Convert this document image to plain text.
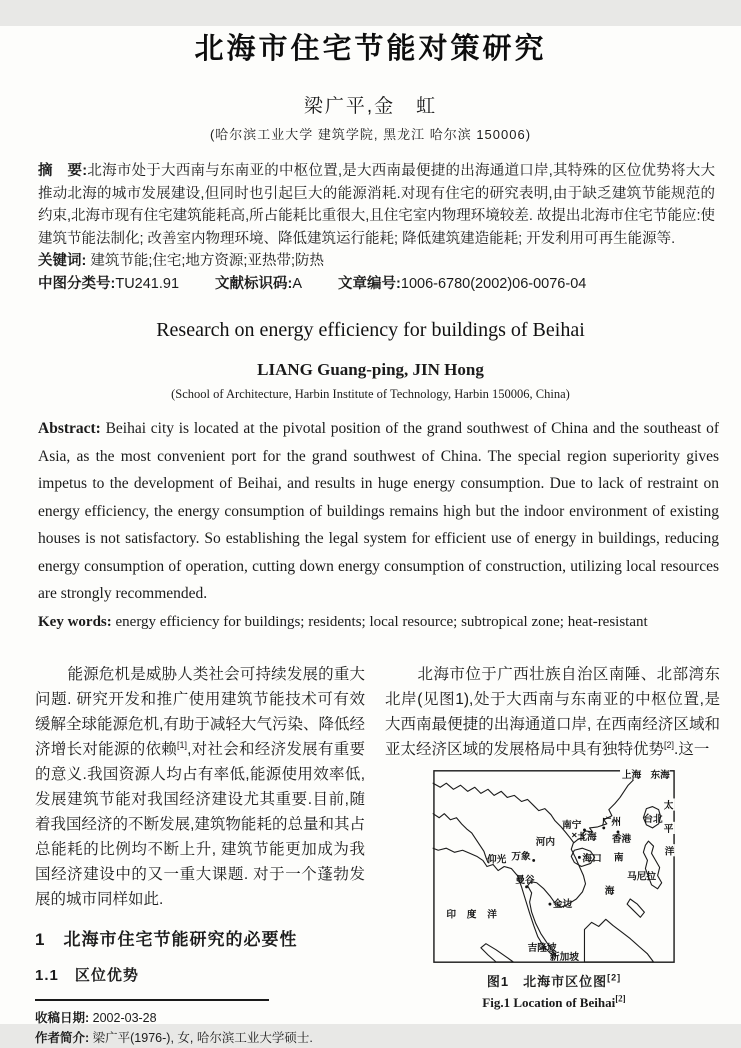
北海市住宅节能对策研究
梁广平,金　虹
(哈尔滨工业大学 建筑学院, 黑龙江 哈尔滨 150006)

摘　要:北海市处于大西南与东南亚的中枢位置,是大西南最便捷的出海通道口岸,其特殊的区位优势将大大推动北海的城市发展建设,但同时也引起巨大的能源消耗.对现有住宅的研究表明,由于缺乏建筑节能规范的约束,北海市现有住宅建筑能耗高,所占能耗比重很大,且住宅室内物理环境较差. 故提出北海市住宅节能应:使建筑节能法制化; 改善室内物理环境、降低建筑运行能耗; 降低建筑建造能耗; 开发利用可再生能源等.

关键词: 建筑节能;住宅;地方资源;亚热带;防热

中图分类号:TU241.91 文献标识码:A 文章编号:1006-6780(2002)06-0076-04

Research on energy efficiency for buildings of Beihai
LIANG Guang-ping, JIN Hong
(School of Architecture, Harbin Institute of Technology, Harbin 150006, China)

Abstract: Beihai city is located at the pivotal position of the grand southwest of China and the southeast of Asia, as the most convenient port for the grand southwest of China. The special region superiority gives impetus to the development of Beihai, and results in huge energy consumption. Due to lack of restraint on energy efficiency, the energy consumption of buildings remains high but the indoor environment of existing houses is not satisfactory. So establishing the legal system for efficient use of energy in buildings, reducing energy consumption of operation, cutting down energy consumption of construction, utilizing local resources are strongly recommended.

Key words: energy efficiency for buildings; residents; local resource; subtropical zone; heat-resistant

能源危机是威胁人类社会可持续发展的重大问题. 研究开发和推广使用建筑节能技术可有效缓解全球能源危机,有助于减轻大气污染、降低经济增长对能源的依赖[1],对社会和经济发展有重要的意义.我国资源人均占有率低,能源使用效率低, 发展建筑节能对我国经济建设尤其重要.目前,随着我国经济的不断发展,建筑物能耗的总量和其占总能耗的比例均不断上升, 建筑节能更加成为我国经济建设中的又一重大课题. 对于一个蓬勃发展的城市同样如此.

1　北海市住宅节能研究的必要性
1.1　区位优势

收稿日期: 2002-03-28

作者简介: 梁广平(1976-), 女, 哈尔滨工业大学硕士.

北海市位于广西壮族自治区南陲、北部湾东北岸(见图1),处于大西南与东南亚的中枢位置,是大西南最便捷的出海通道口岸, 在西南经济区域和亚太经济区域的发展格局中具有独特优势[2].这一

上海 东海
太
平
洋
台北
广州
南宁
北海 香港
河内
海口 南
海
仰光 万象
曼谷	马尼拉
金边
印 度 洋
吉隆坡
新加坡
图1　北海市区位图[2]
Fig.1 Location of Beihai[2]
